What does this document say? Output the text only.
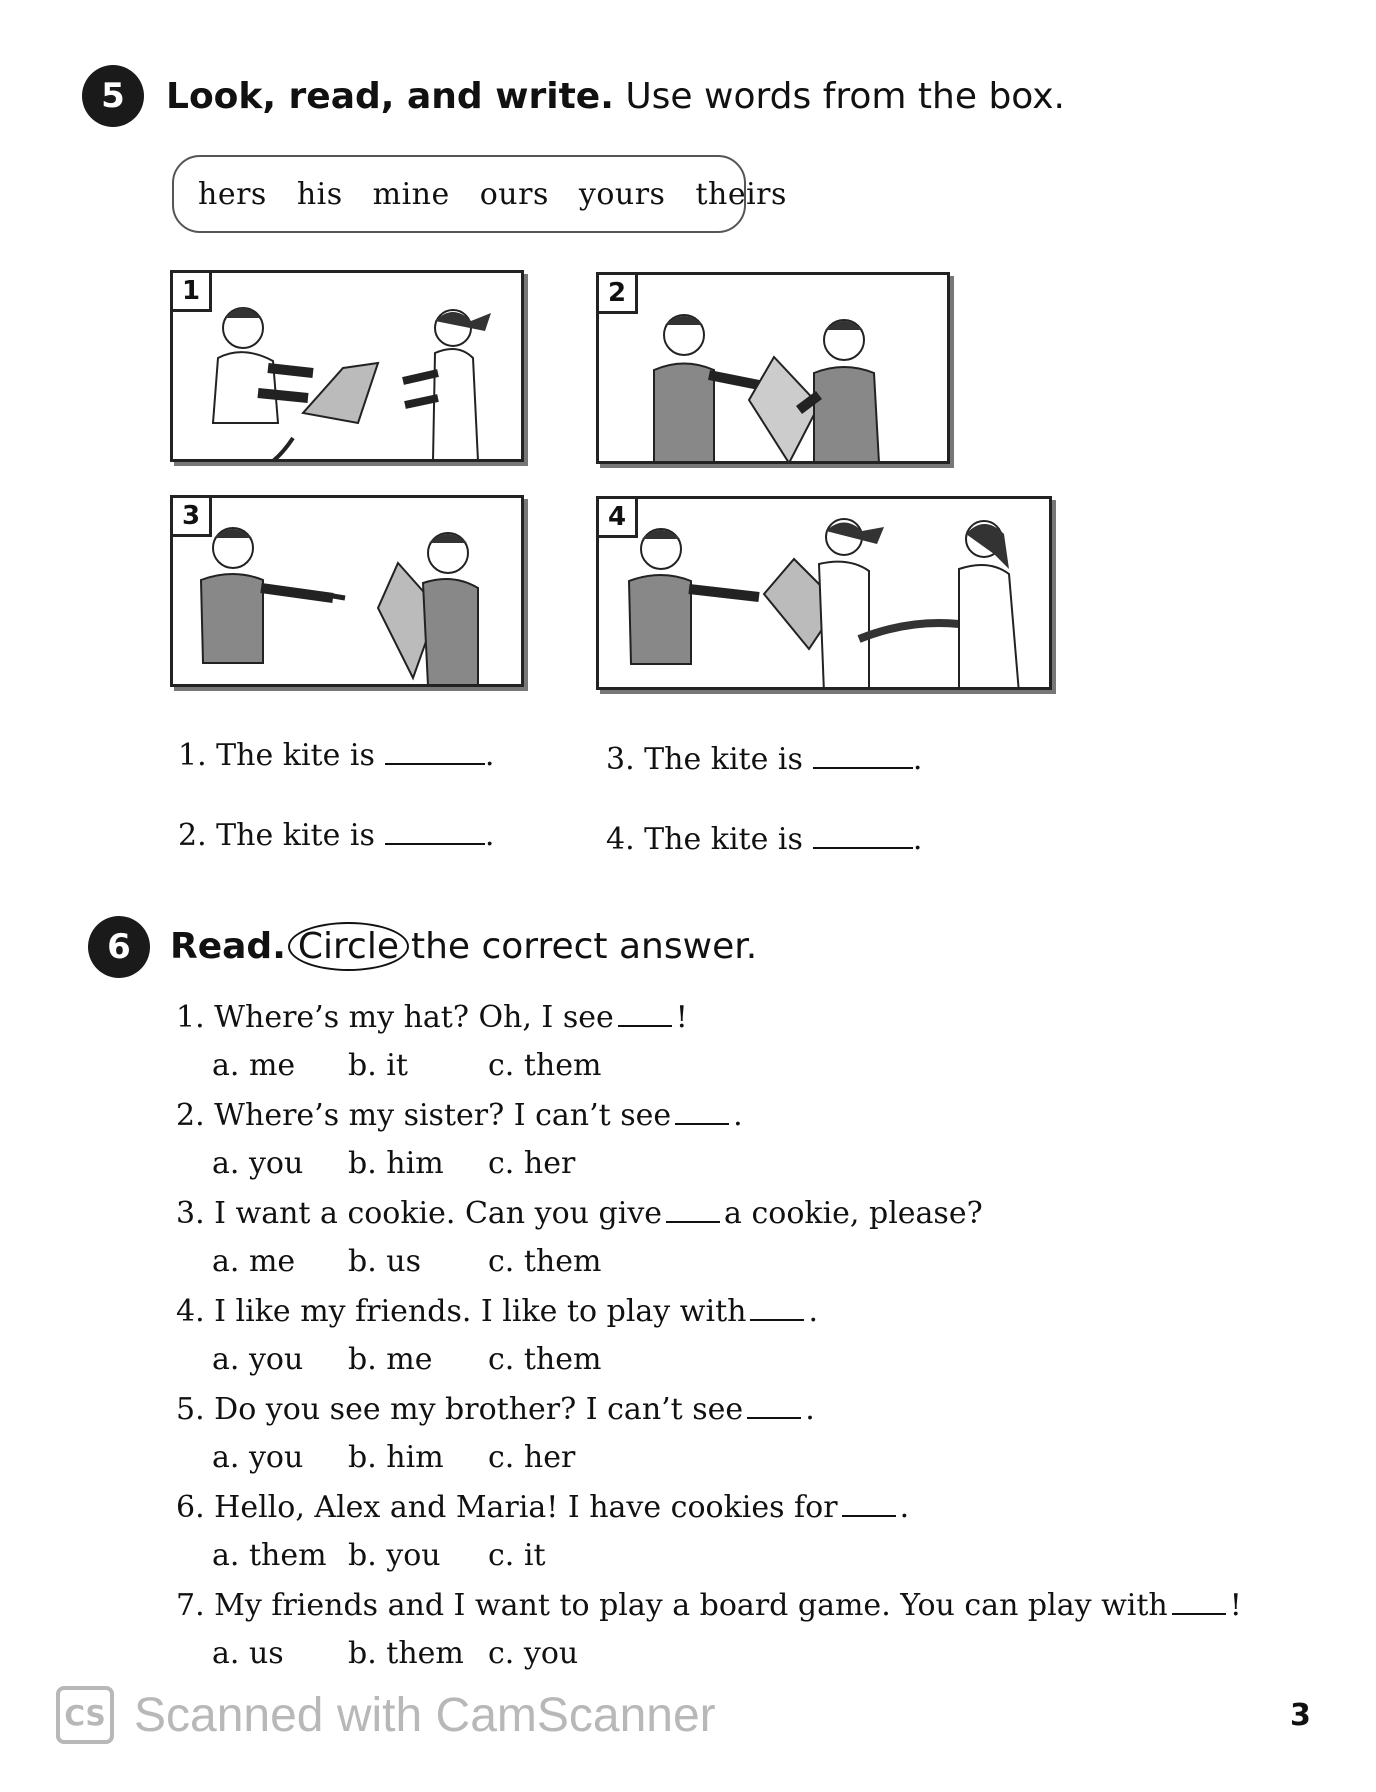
5	Look, read, and write. Use words from the box.
hers his mine ours yours theirs
1	2
3	4
1. The kite is	.
2. The kite is	.
3. The kite is	.
4. The kite is	.
6	Read. Circle the correct answer.
1. Where’s my hat? Oh, I see !
a. me b. it	c. them
2. Where’s my sister? I can’t see .
a. you b. him c. her
3. I want a cookie. Can you give a cookie, please?
a. me b. us c. them
4. I like my friends. I like to play with .
a. you b. me c. them
5. Do you see my brother? I can’t see .
a. you b. him c. her
6. Hello, Alex and Maria! I have cookies for .
a. them b. you c. it
7. My friends and I want to play a board game. You can play with !
a. us b. them c. you
CS Scanned with CamScanner	3
